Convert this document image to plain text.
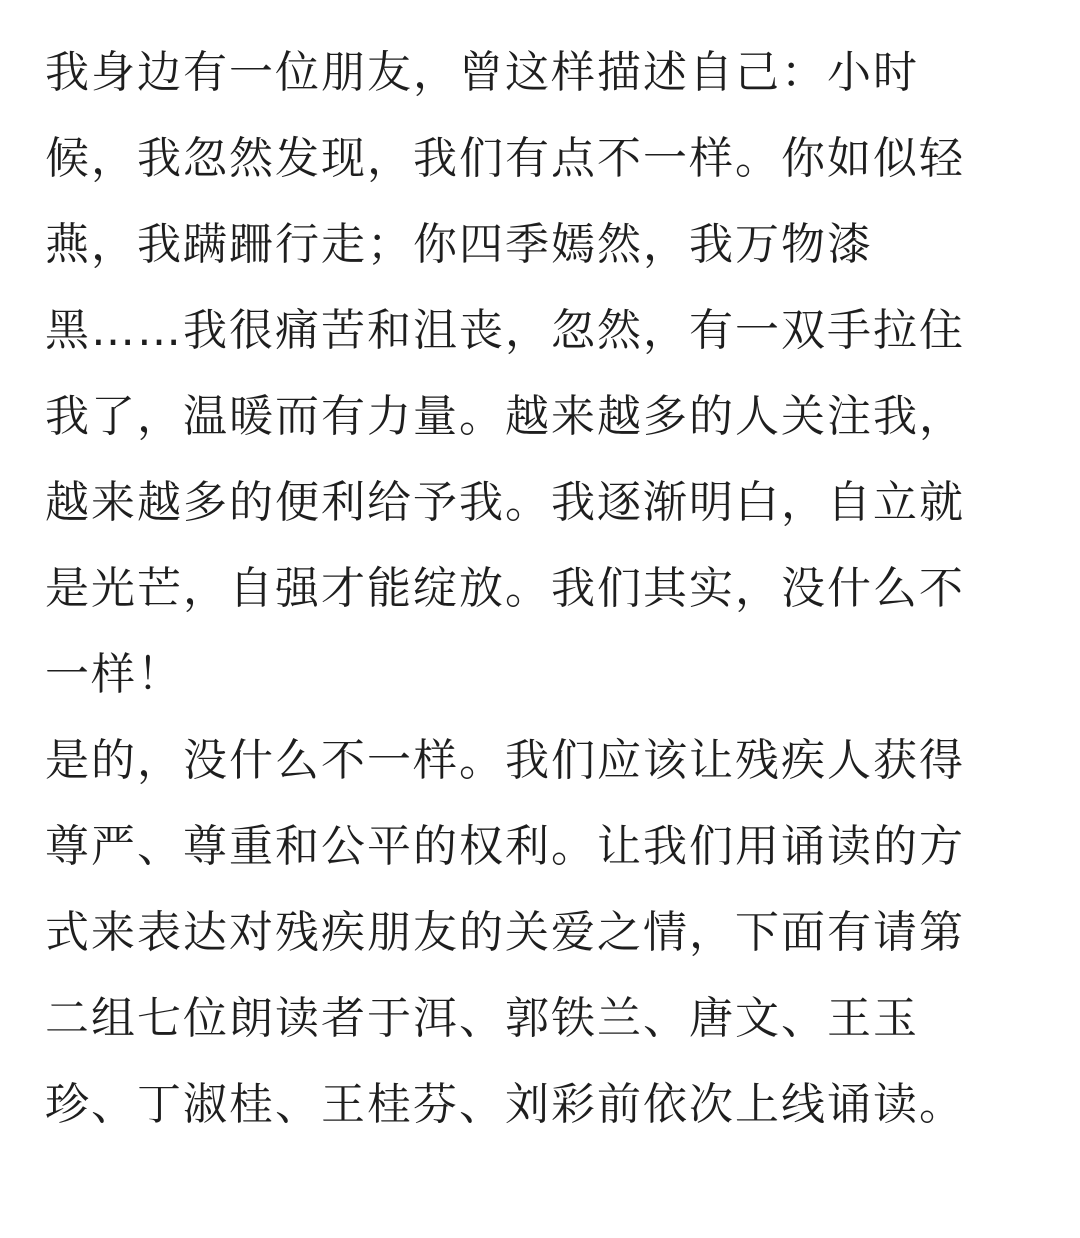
我身边有一位朋友，曾这样描述自己：小时候，我忽然发现，我们有点不一样。你如似轻燕，我蹒跚行走；你四季嫣然，我万物漆黑……我很痛苦和沮丧，忽然，有一双手拉住我了，温暖而有力量。越来越多的人关注我，越来越多的便利给予我。我逐渐明白，自立就是光芒，自强才能绽放。我们其实，没什么不一样！

是的，没什么不一样。我们应该让残疾人获得尊严、尊重和公平的权利。让我们用诵读的方式来表达对残疾朋友的关爱之情，下面有请第二组七位朗读者于洱、郭铁兰、唐文、王玉珍、丁淑桂、王桂芬、刘彩前依次上线诵读。
